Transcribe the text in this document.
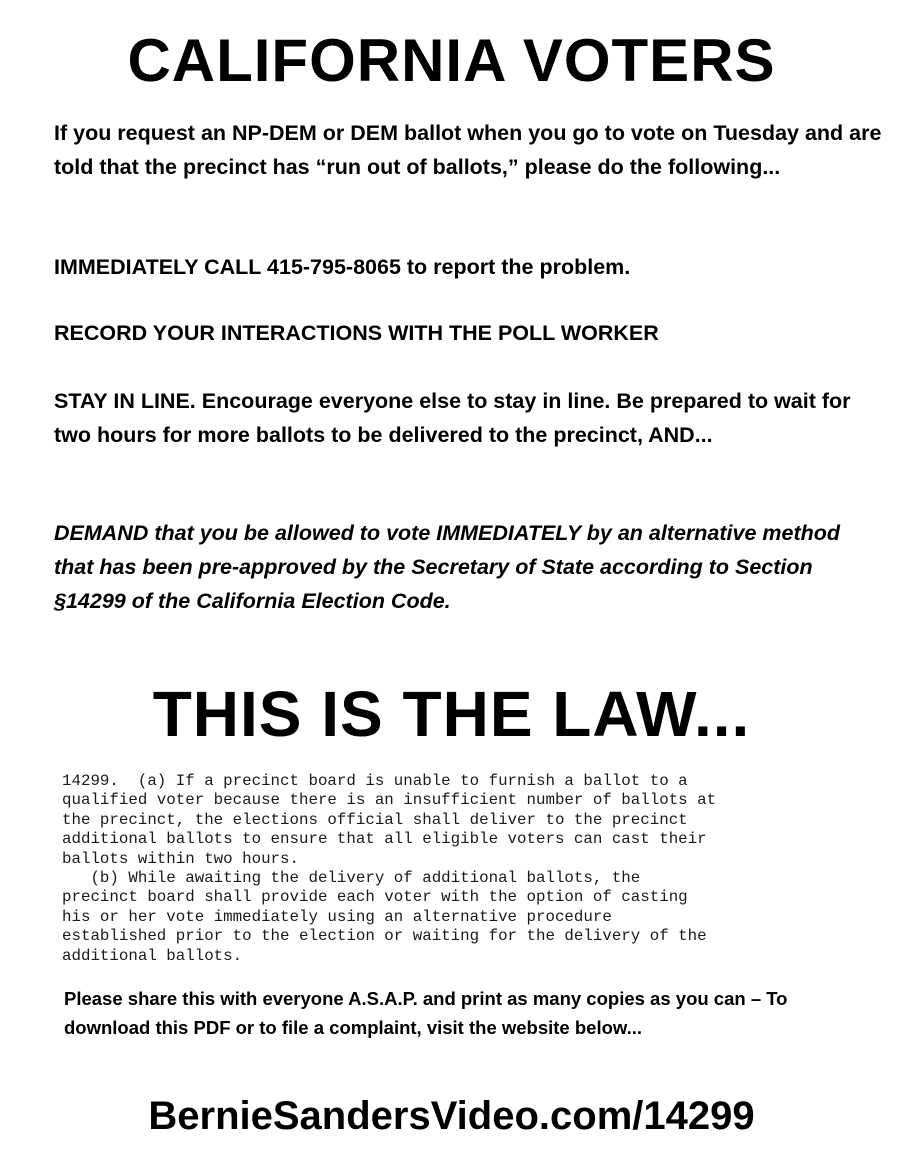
CALIFORNIA VOTERS
If you request an NP-DEM or DEM ballot when you go to vote on Tuesday and are told that the precinct has “run out of ballots,” please do the following...
IMMEDIATELY CALL 415-795-8065 to report the problem.
RECORD YOUR INTERACTIONS WITH THE POLL WORKER
STAY IN LINE. Encourage everyone else to stay in line. Be prepared to wait for two hours for more ballots to be delivered to the precinct, AND...
DEMAND that you be allowed to vote IMMEDIATELY by an alternative method that has been pre-approved by the Secretary of State according to Section §14299 of the California Election Code.
THIS IS THE LAW...
14299.  (a) If a precinct board is unable to furnish a ballot to a
qualified voter because there is an insufficient number of ballots at
the precinct, the elections official shall deliver to the precinct
additional ballots to ensure that all eligible voters can cast their
ballots within two hours.
(b) While awaiting the delivery of additional ballots, the
precinct board shall provide each voter with the option of casting
his or her vote immediately using an alternative procedure
established prior to the election or waiting for the delivery of the
additional ballots.
Please share this with everyone A.S.A.P. and print as many copies as you can – To download this PDF or to file a complaint, visit the website below...
BernieSandersVideo.com/14299
